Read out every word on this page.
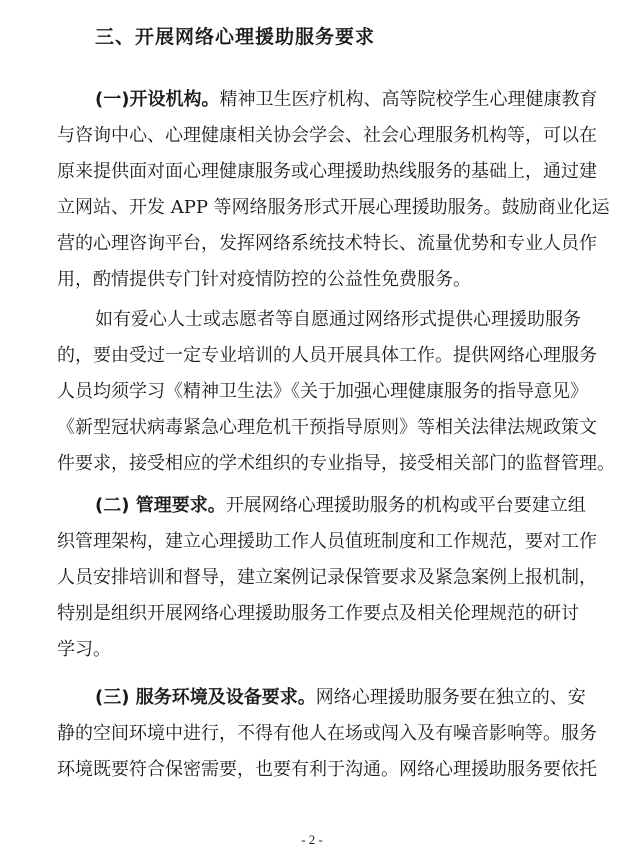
三、开展网络心理援助服务要求
(一)开设机构。精神卫生医疗机构、高等院校学生心理健康教育
与咨询中心、心理健康相关协会学会、社会心理服务机构等，可以在
原来提供面对面心理健康服务或心理援助热线服务的基础上，通过建
立网站、开发 APP 等网络服务形式开展心理援助服务。鼓励商业化运
营的心理咨询平台，发挥网络系统技术特长、流量优势和专业人员作
用，酌情提供专门针对疫情防控的公益性免费服务。
如有爱心人士或志愿者等自愿通过网络形式提供心理援助服务
的，要由受过一定专业培训的人员开展具体工作。提供网络心理服务
人员均须学习《精神卫生法》《关于加强心理健康服务的指导意见》
《新型冠状病毒紧急心理危机干预指导原则》等相关法律法规政策文
件要求，接受相应的学术组织的专业指导，接受相关部门的监督管理。
(二) 管理要求。开展网络心理援助服务的机构或平台要建立组
织管理架构，建立心理援助工作人员值班制度和工作规范，要对工作
人员安排培训和督导，建立案例记录保管要求及紧急案例上报机制，
特别是组织开展网络心理援助服务工作要点及相关伦理规范的研讨
学习。
(三) 服务环境及设备要求。网络心理援助服务要在独立的、安
静的空间环境中进行，不得有他人在场或闯入及有噪音影响等。服务
环境既要符合保密需要，也要有利于沟通。网络心理援助服务要依托
- 2 -
